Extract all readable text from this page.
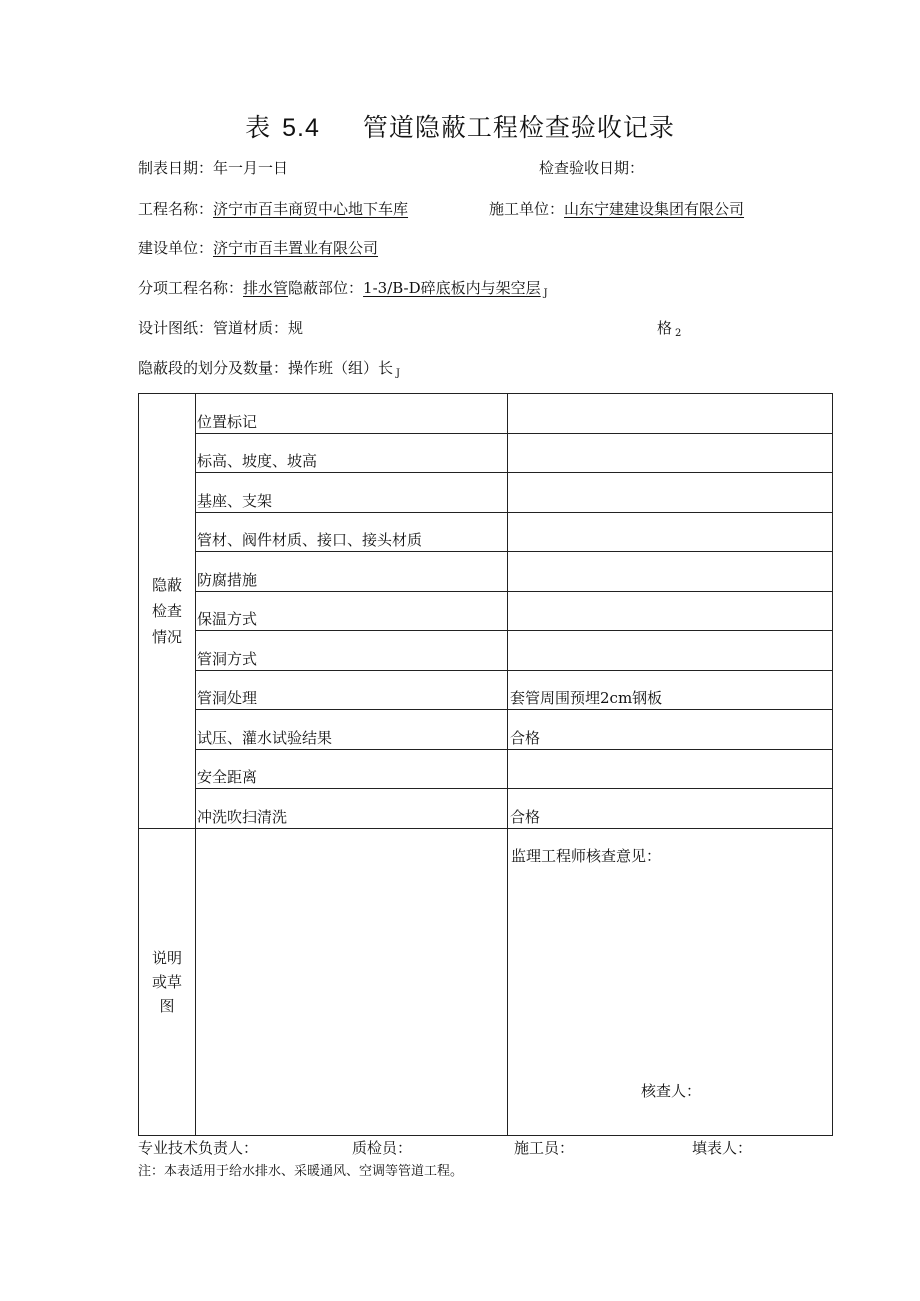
表 5.4 管道隐蔽工程检查验收记录
制表日期：年一月一日	检查验收日期：
工程名称：济宁市百丰商贸中心地下车库	施工单位：山东宁建建设集团有限公司
建设单位：济宁市百丰置业有限公司
分项工程名称：排水管隐蔽部位：1-3/B-D碎底板内与架空层 $_J$
设计图纸：管道材质：规	格 $_2$
隐蔽段的划分及数量：操作班（组）长 $_J$
隐蔽
检查
情况	位置标记	
	标高、坡度、坡高	
	基座、支架	
	管材、阀件材质、接口、接头材质	
	防腐措施	
	保温方式	
	管洞方式	
	管洞处理	套管周围预埋2cm钢板
	试压、灌水试验结果	合格
	安全距离	
	冲洗吹扫清洗	合格

说明
或草
图		监理工程师核查意见：
核查人：
专业技术负责人：	质检员：	施工员：	填表人：
注：本表适用于给水排水、采暖通风、空调等管道工程。
